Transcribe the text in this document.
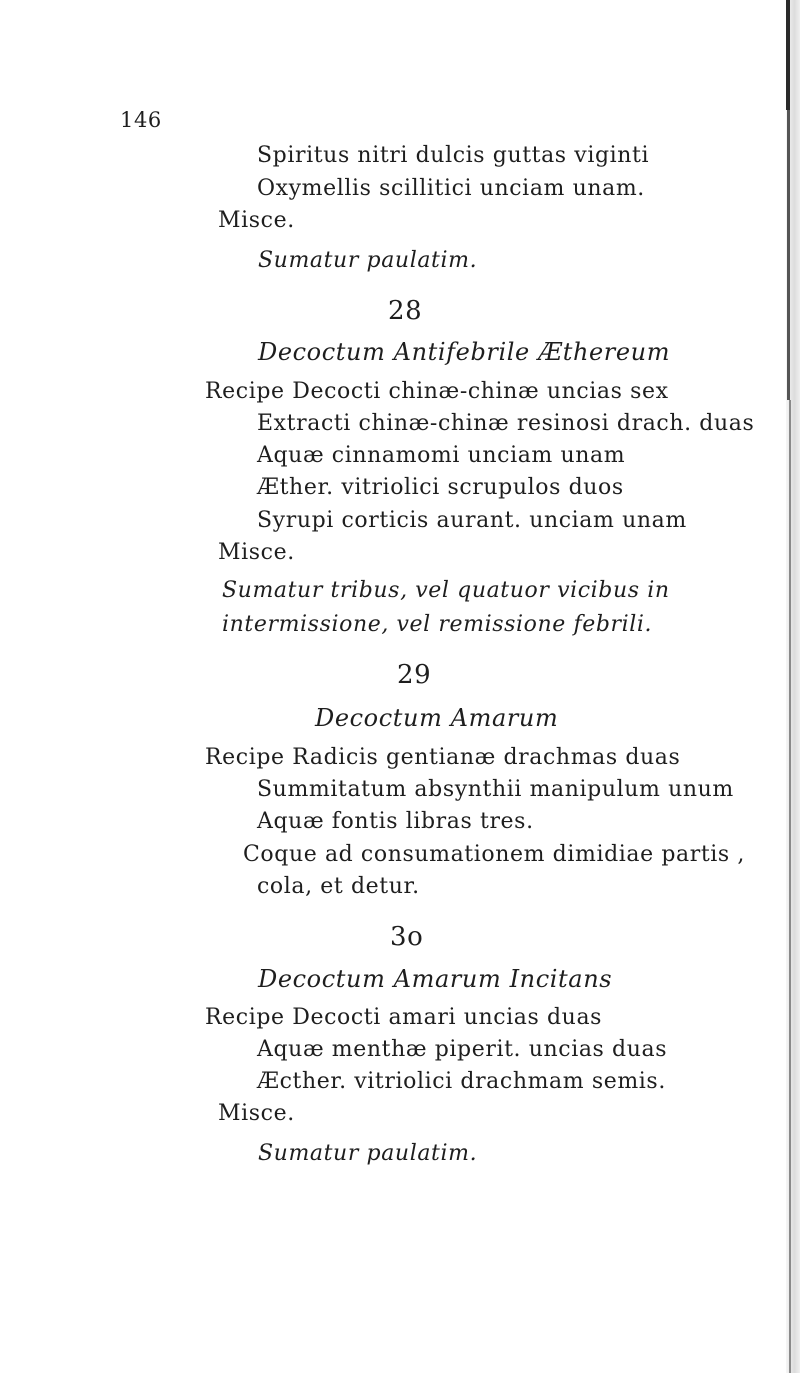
146
Spiritus nitri dulcis guttas viginti
Oxymellis scillitici unciam unam.
Misce.
Sumatur paulatim.
28
Decoctum Antifebrile Æthereum
Recipe Decocti chinæ-chinæ uncias sex
Extracti chinæ-chinæ resinosi drach. duas
Aquæ cinnamomi unciam unam
Æther. vitriolici scrupulos duos
Syrupi corticis aurant. unciam unam
Misce.
Sumatur tribus, vel quatuor vicibus in
intermissione, vel remissione febrili.
29
Decoctum Amarum
Recipe Radicis gentianæ drachmas duas
Summitatum absynthii manipulum unum
Aquæ fontis libras tres.
Coque ad consumationem dimidiae partis ,
cola, et detur.
3o
Decoctum Amarum Incitans
Recipe Decocti amari uncias duas
Aquæ menthæ piperit. uncias duas
Æcther. vitriolici drachmam semis.
Misce.
Sumatur paulatim.
